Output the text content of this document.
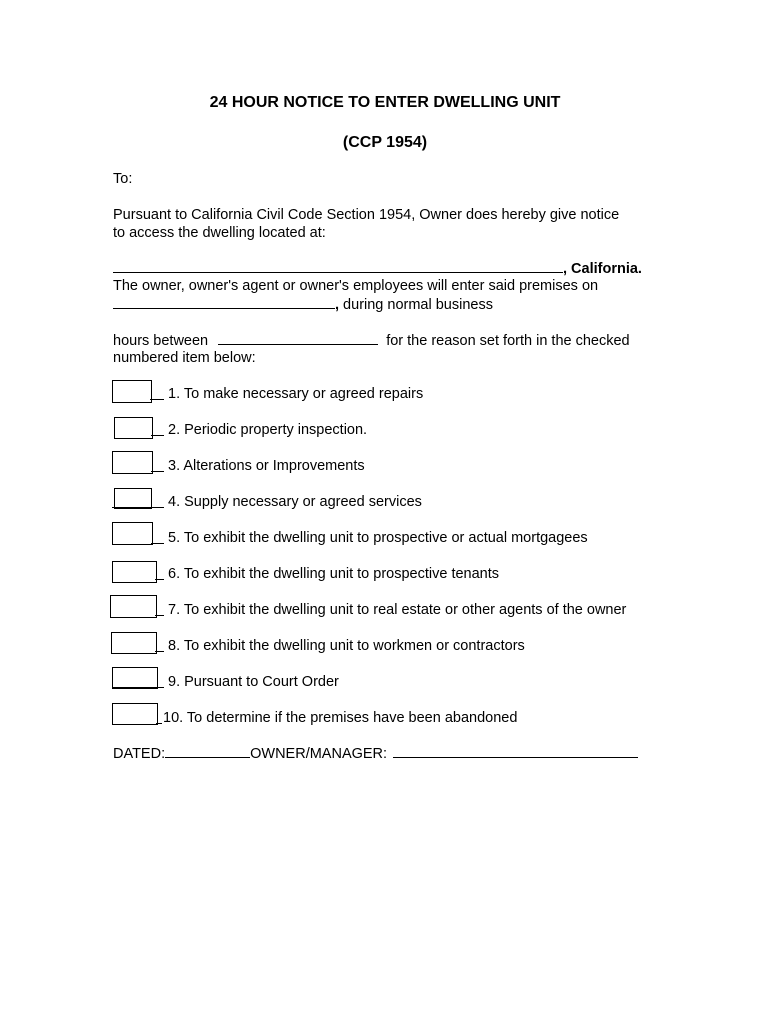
24 HOUR NOTICE TO ENTER DWELLING UNIT
(CCP 1954)
To:
Pursuant to California Civil Code Section 1954, Owner does hereby give notice
to access the dwelling located at:
, California.
The owner, owner's agent or owner's employees will enter said premises on
, during normal business
hours between	for the reason set forth in the checked
numbered item below:
1. To make necessary or agreed repairs
2. Periodic property inspection.
3. Alterations or Improvements
4. Supply necessary or agreed services
5. To exhibit the dwelling unit to prospective or actual mortgagees
6. To exhibit the dwelling unit to prospective tenants
7. To exhibit the dwelling unit to real estate or other agents of the owner
8. To exhibit the dwelling unit to workmen or contractors
9. Pursuant to Court Order
10. To determine if the premises have been abandoned
DATED:	OWNER/MANAGER:
